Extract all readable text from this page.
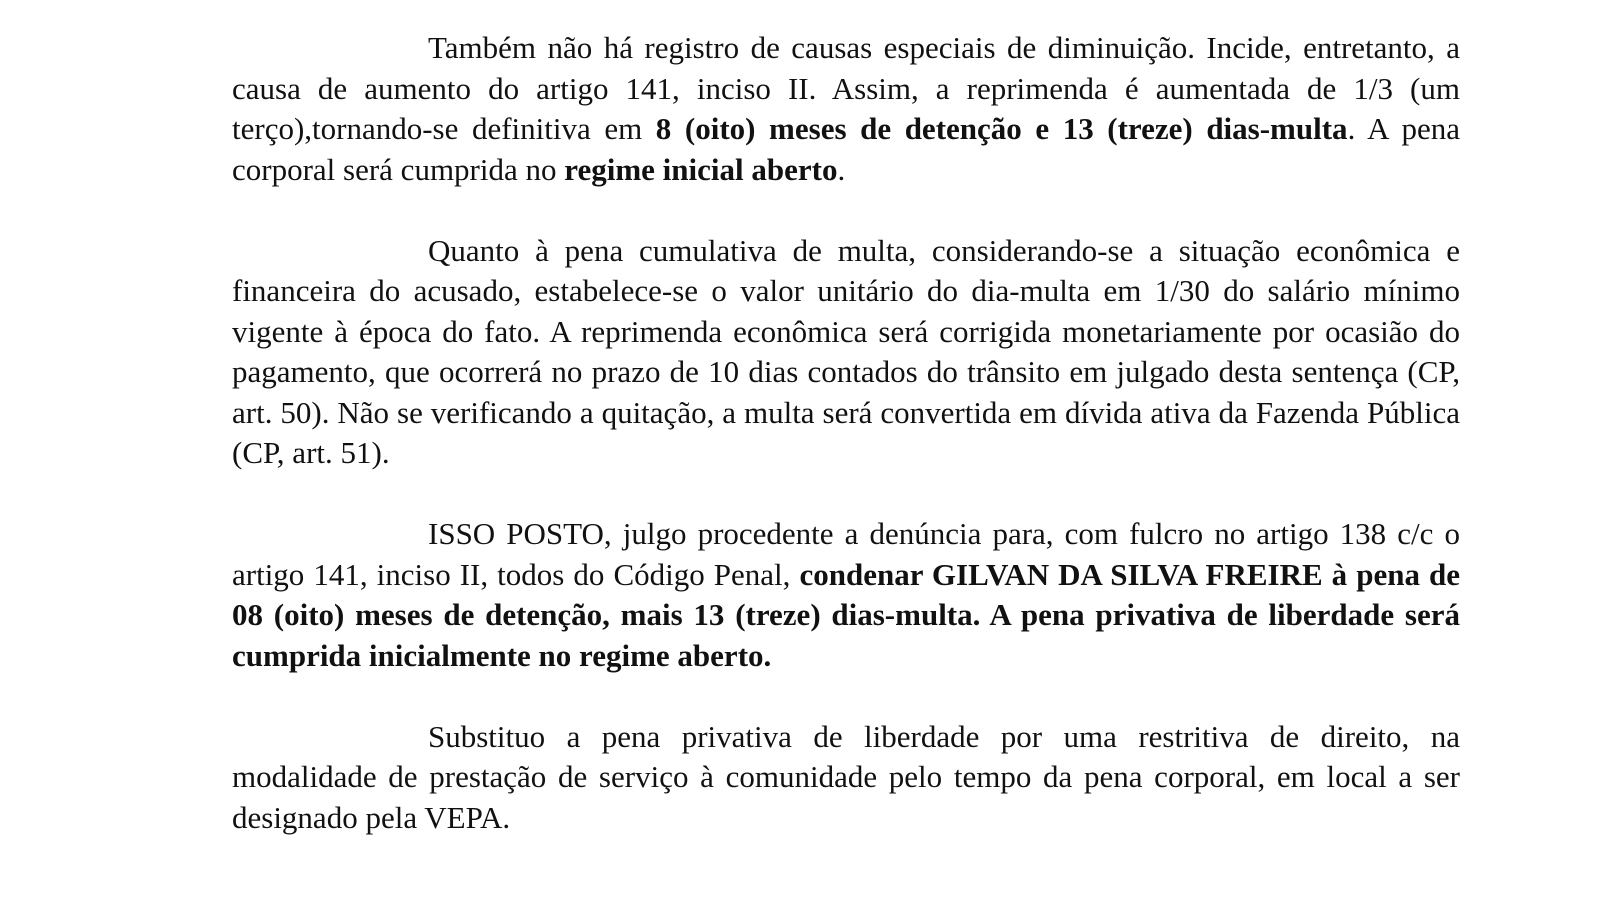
Também não há registro de causas especiais de diminuição. Incide, entretanto, a causa de aumento do artigo 141, inciso II. Assim, a reprimenda é aumentada de 1/3 (um terço),tornando-se definitiva em 8 (oito) meses de detenção e 13 (treze) dias-multa. A pena corporal será cumprida no regime inicial aberto.

Quanto à pena cumulativa de multa, considerando-se a situação econômica e financeira do acusado, estabelece-se o valor unitário do dia-multa em 1/30 do salário mínimo vigente à época do fato. A reprimenda econômica será corrigida monetariamente por ocasião do pagamento, que ocorrerá no prazo de 10 dias contados do trânsito em julgado desta sentença (CP, art. 50). Não se verificando a quitação, a multa será convertida em dívida ativa da Fazenda Pública (CP, art. 51).

ISSO POSTO, julgo procedente a denúncia para, com fulcro no artigo 138 c/c o artigo 141, inciso II, todos do Código Penal, condenar GILVAN DA SILVA FREIRE à pena de 08 (oito) meses de detenção, mais 13 (treze) dias-multa. A pena privativa de liberdade será cumprida inicialmente no regime aberto.

Substituo a pena privativa de liberdade por uma restritiva de direito, na modalidade de prestação de serviço à comunidade pelo tempo da pena corporal, em local a ser designado pela VEPA.
